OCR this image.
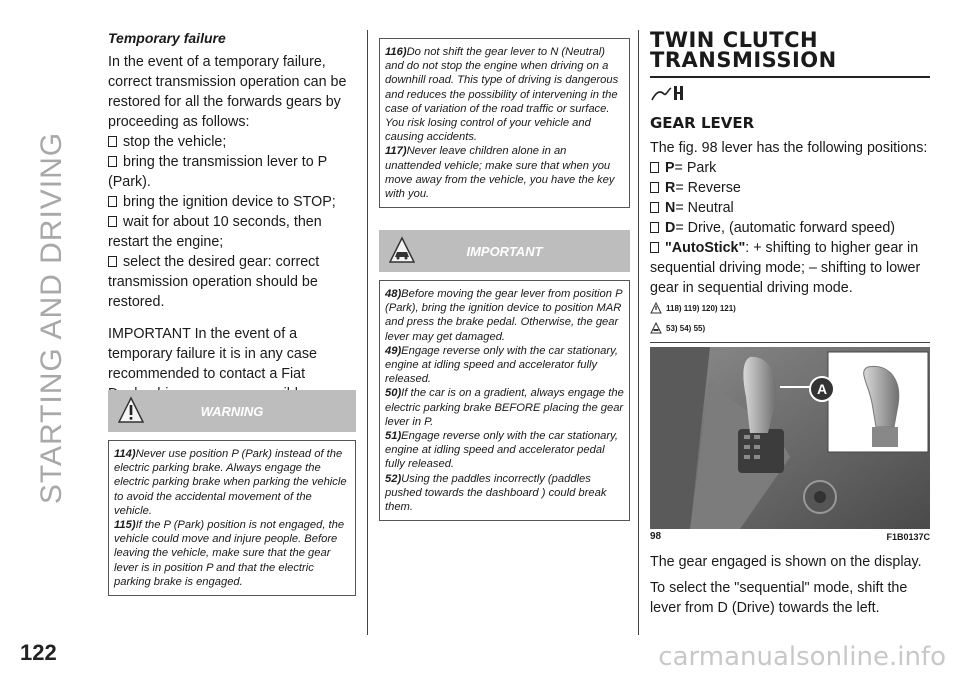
STARTING AND DRIVING
122	carmanualsonline.info
Temporary failure

In the event of a temporary failure, correct transmission operation can be restored for all the forwards gears by proceeding as follows:

stop the vehicle;
bring the transmission lever to P (Park).
bring the ignition device to STOP;
wait for about 10 seconds, then restart the engine;
select the desired gear: correct transmission operation should be restored.

IMPORTANT In the event of a temporary failure it is in any case recommended to contact a Fiat

WARNING
114)Never use position P (Park) instead of the electric parking brake. Always engage the electric parking brake when parking the vehicle to avoid the accidental movement of the vehicle.
115)If the P (Park) position is not engaged, the vehicle could move and injure people. Before leaving the vehicle, make sure that the gear lever is in position P and that the electric parking brake is engaged.
116)Do not shift the gear lever to N (Neutral) and do not stop the engine when driving on a downhill road. This type of driving is dangerous and reduces the possibility of intervening in the case of variation of the road traffic or surface. You risk losing control of your vehicle and causing accidents.
117)Never leave children alone in an unattended vehicle; make sure that when you move away from the vehicle, you have the key with you.
IMPORTANT
48)Before moving the gear lever from position P (Park), bring the ignition device to position MAR and press the brake pedal. Otherwise, the gear lever may get damaged.
49)Engage reverse only with the car stationary, engine at idling speed and accelerator fully released.
50)If the car is on a gradient, always engage the electric parking brake BEFORE placing the gear lever in P.
51)Engage reverse only with the car stationary, engine at idling speed and accelerator pedal fully released.
52)Using the paddles incorrectly (paddles pushed towards the dashboard ) could break them.
TWIN CLUTCH
TRANSMISSION
GEAR LEVER

The fig. 98 lever has the following positions:

P= Park
R= Reverse
N= Neutral
D= Drive, (automatic forward speed)
"AutoStick": + shifting to higher gear in sequential driving mode; – shifting to lower gear in sequential driving mode.
118) 119) 120) 121)
53) 54) 55)
A
98	F1B0137C

The gear engaged is shown on the display.

To select the "sequential" mode, shift the lever from D (Drive) towards the left.
